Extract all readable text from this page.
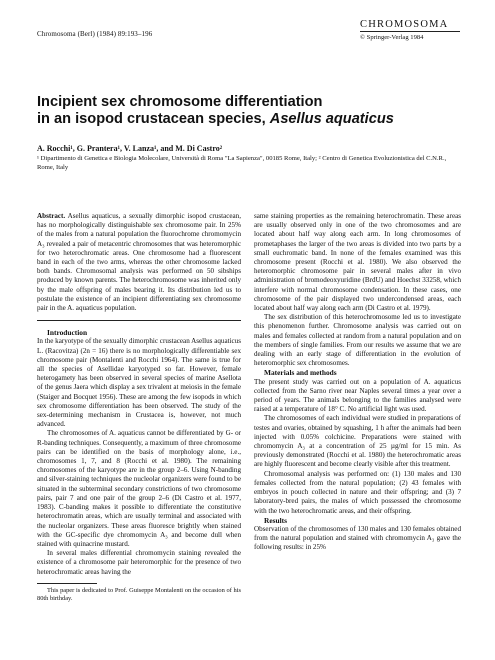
Chromosoma (Berl) (1984) 89:193–196
CHROMOSOMA
© Springer-Verlag 1984
Incipient sex chromosome differentiation
in an isopod crustacean species, Asellus aquaticus
A. Rocchi¹, G. Prantera¹, V. Lanza¹, and M. Di Castro²
¹ Dipartimento di Genetica e Biologia Molecolare, Università di Roma "La Sapienza", 00185 Rome, Italy; ² Centro di Genetica Evoluzionistica del C.N.R., Rome, Italy

Abstract. Asellus aquaticus, a sexually dimorphic isopod crustacean, has no morphologically distinguishable sex chromosome pair. In 25% of the males from a natural population the fluorochrome chromomycin A₃ revealed a pair of metacentric chromosomes that was heteromorphic for two heterochromatic areas. One chromosome had a fluorescent band in each of the two arms, whereas the other chromosome lacked both bands. Chromosomal analysis was performed on 50 sibships produced by known parents. The heterochromosome was inherited only by the male offspring of males bearing it. Its distribution led us to postulate the existence of an incipient differentiating sex chromosome pair in the A. aquaticus population.

Introduction

In the karyotype of the sexually dimorphic crustacean Asellus aquaticus L. (Racovitza) (2n = 16) there is no morphologically differentiable sex chromosome pair (Montalenti and Rocchi 1964). The same is true for all the species of Asellidae karyotyped so far. However, female heterogamety has been observed in several species of marine Asellota of the genus Jaera which display a sex trivalent at meiosis in the female (Staiger and Bocquet 1956). These are among the few isopods in which sex chromosome differentiation has been observed. The study of the sex-determining mechanism in Crustacea is, however, not much advanced.

The chromosomes of A. aquaticus cannot be differentiated by G- or R-banding techniques. Consequently, a maximum of three chromosome pairs can be identified on the basis of morphology alone, i.e., chromosomes 1, 7, and 8 (Rocchi et al. 1980). The remaining chromosomes of the karyotype are in the group 2–6. Using N-banding and silver-staining techniques the nucleolar organizers were found to be situated in the subterminal secondary constrictions of two chromosome pairs, pair 7 and one pair of the group 2–6 (Di Castro et al. 1977, 1983). C-banding makes it possible to differentiate the constitutive heterochromatin areas, which are usually terminal and associated with the nucleolar organizers. These areas fluoresce brightly when stained with the GC-specific dye chromomycin A₃ and become dull when stained with quinacrine mustard.

In several males differential chromomycin staining revealed the existence of a chromosome pair heteromorphic for the presence of two heterochromatic areas having the

This paper is dedicated to Prof. Guiseppe Montalenti on the occasion of his 80th birthday.

same staining properties as the remaining heterochromatin. These areas are usually observed only in one of the two chromosomes and are located about half way along each arm. In long chromosomes of prometaphases the larger of the two areas is divided into two parts by a small euchromatic band. In none of the females examined was this chromosome present (Rocchi et al. 1980). We also observed the heteromorphic chromosome pair in several males after in vivo administration of bromodeoxyuridine (BrdU) and Hoechst 33258, which interfere with normal chromosome condensation. In these cases, one chromosome of the pair displayed two undercondensed areas, each located about half way along each arm (Di Castro et al. 1979).

The sex distribution of this heterochromosome led us to investigate this phenomenon further. Chromosome analysis was carried out on males and females collected at random from a natural population and on the members of single families. From our results we assume that we are dealing with an early stage of differentiation in the evolution of heteromorphic sex chromosomes.

Materials and methods

The present study was carried out on a population of A. aquaticus collected from the Sarno river near Naples several times a year over a period of years. The animals belonging to the families analysed were raised at a temperature of 18° C. No artificial light was used.

The chromosomes of each individual were studied in preparations of testes and ovaries, obtained by squashing, 1 h after the animals had been injected with 0.05% colchicine. Preparations were stained with chromomycin A₃ at a concentration of 25 µg/ml for 15 min. As previously demonstrated (Rocchi et al. 1980) the heterochromatic areas are highly fluorescent and become clearly visible after this treatment.

Chromosomal analysis was performed on: (1) 130 males and 130 females collected from the natural population; (2) 43 females with embryos in pouch collected in nature and their offspring; and (3) 7 laboratory-bred pairs, the males of which possessed the chromosome with the two heterochromatic areas, and their offspring.

Results

Observation of the chromosomes of 130 males and 130 females obtained from the natural population and stained with chromomycin A₃ gave the following results: in 25%
